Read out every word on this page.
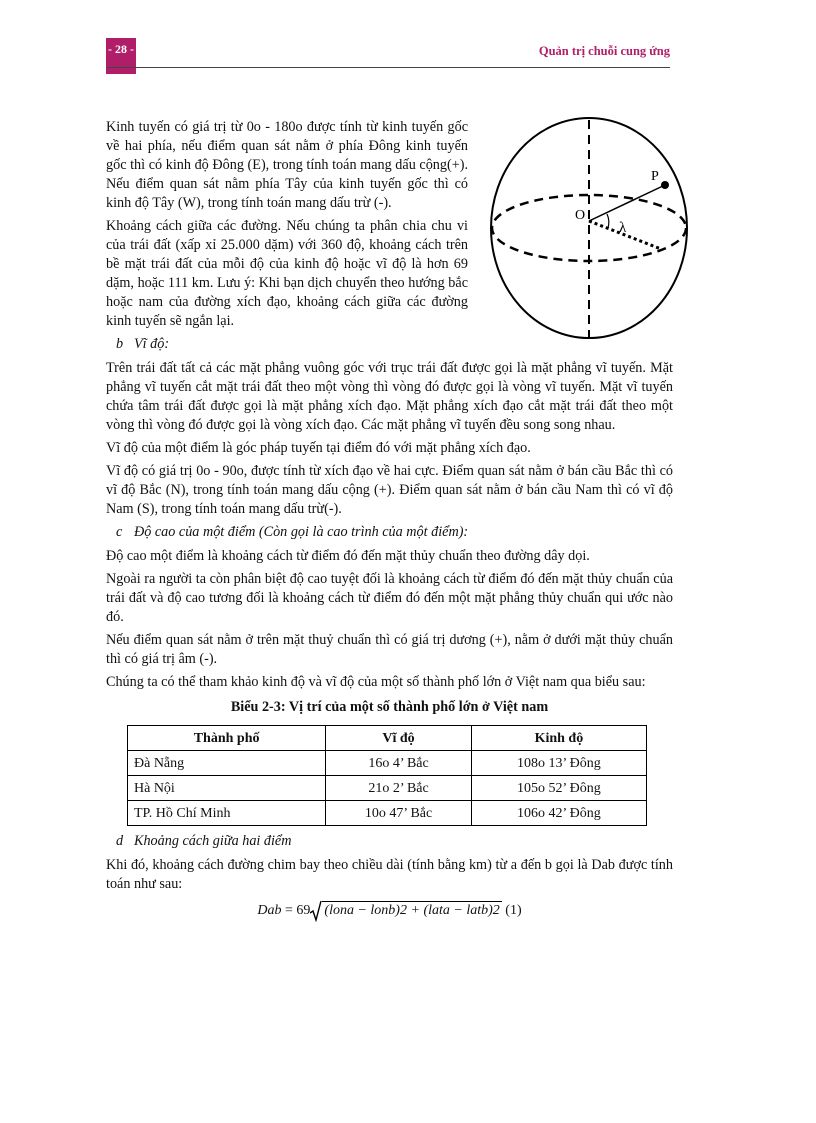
- 28 -	Quản trị chuỗi cung ứng
P
O
λ

Kinh tuyến có giá trị từ 0o - 180o được tính từ kinh tuyến gốc về hai phía, nếu điểm quan sát nằm ở phía Đông kinh tuyến gốc thì có kinh độ Đông (E), trong tính toán mang dấu cộng(+). Nếu điểm quan sát nằm phía Tây của kinh tuyến gốc thì có kinh độ Tây (W), trong tính toán mang dấu trừ (-).

Khoảng cách giữa các đường. Nếu chúng ta phân chia chu vi của trái đất (xấp xỉ 25.000 dặm) với 360 độ, khoảng cách trên bề mặt trái đất của mỗi độ của kinh độ hoặc vĩ độ là hơn 69 dặm, hoặc 111 km. Lưu ý: Khi bạn dịch chuyển theo hướng bắc hoặc nam của đường xích đạo, khoảng cách giữa các đường kinh tuyến sẽ ngắn lại.

b Vĩ độ:

Trên trái đất tất cả các mặt phẳng vuông góc với trục trái đất được gọi là mặt phẳng vĩ tuyến. Mặt phẳng vĩ tuyến cắt mặt trái đất theo một vòng thì vòng đó được gọi là vòng vĩ tuyến. Mặt vĩ tuyến chứa tâm trái đất được gọi là mặt phẳng xích đạo. Mặt phẳng xích đạo cắt mặt trái đất theo một vòng thì vòng đó được gọi là vòng xích đạo. Các mặt phẳng vĩ tuyến đều song song nhau.

Vĩ độ của một điểm là góc pháp tuyến tại điểm đó với mặt phẳng xích đạo.

Vĩ độ có giá trị 0o - 90o, được tính từ xích đạo về hai cực. Điểm quan sát nằm ở bán cầu Bắc thì có vĩ độ Bắc (N), trong tính toán mang dấu cộng (+). Điểm quan sát nằm ở bán cầu Nam thì có vĩ độ Nam (S), trong tính toán mang dấu trừ(-).

c Độ cao của một điểm (Còn gọi là cao trình của một điểm):

Độ cao một điểm là khoảng cách từ điểm đó đến mặt thủy chuẩn theo đường dây dọi.

Ngoài ra người ta còn phân biệt độ cao tuyệt đối là khoảng cách từ điểm đó đến mặt thủy chuẩn của trái đất và độ cao tương đối là khoảng cách từ điểm đó đến một mặt phẳng thủy chuẩn qui ước nào đó.

Nếu điểm quan sát nằm ở trên mặt thuỷ chuẩn thì có giá trị dương (+), nằm ở dưới mặt thủy chuẩn thì có giá trị âm (-).

Chúng ta có thể tham khảo kinh độ và vĩ độ của một số thành phố lớn ở Việt nam qua biểu sau:

Biểu 2-3: Vị trí của một số thành phố lớn ở Việt nam
Thành phố	Vĩ độ	Kinh độ
Đà Nẵng	16o 4’ Bắc	108o 13’ Đông
Hà Nội	21o 2’ Bắc	105o 52’ Đông
TP. Hồ Chí Minh	10o 47’ Bắc	106o 42’ Đông
d Khoảng cách giữa hai điểm

Khi đó, khoảng cách đường chim bay theo chiều dài (tính bằng km) từ a đến b gọi là Dab được tính toán như sau:

Dab = 69 (lona − lonb)2 + (lata − latb)2 (1)
